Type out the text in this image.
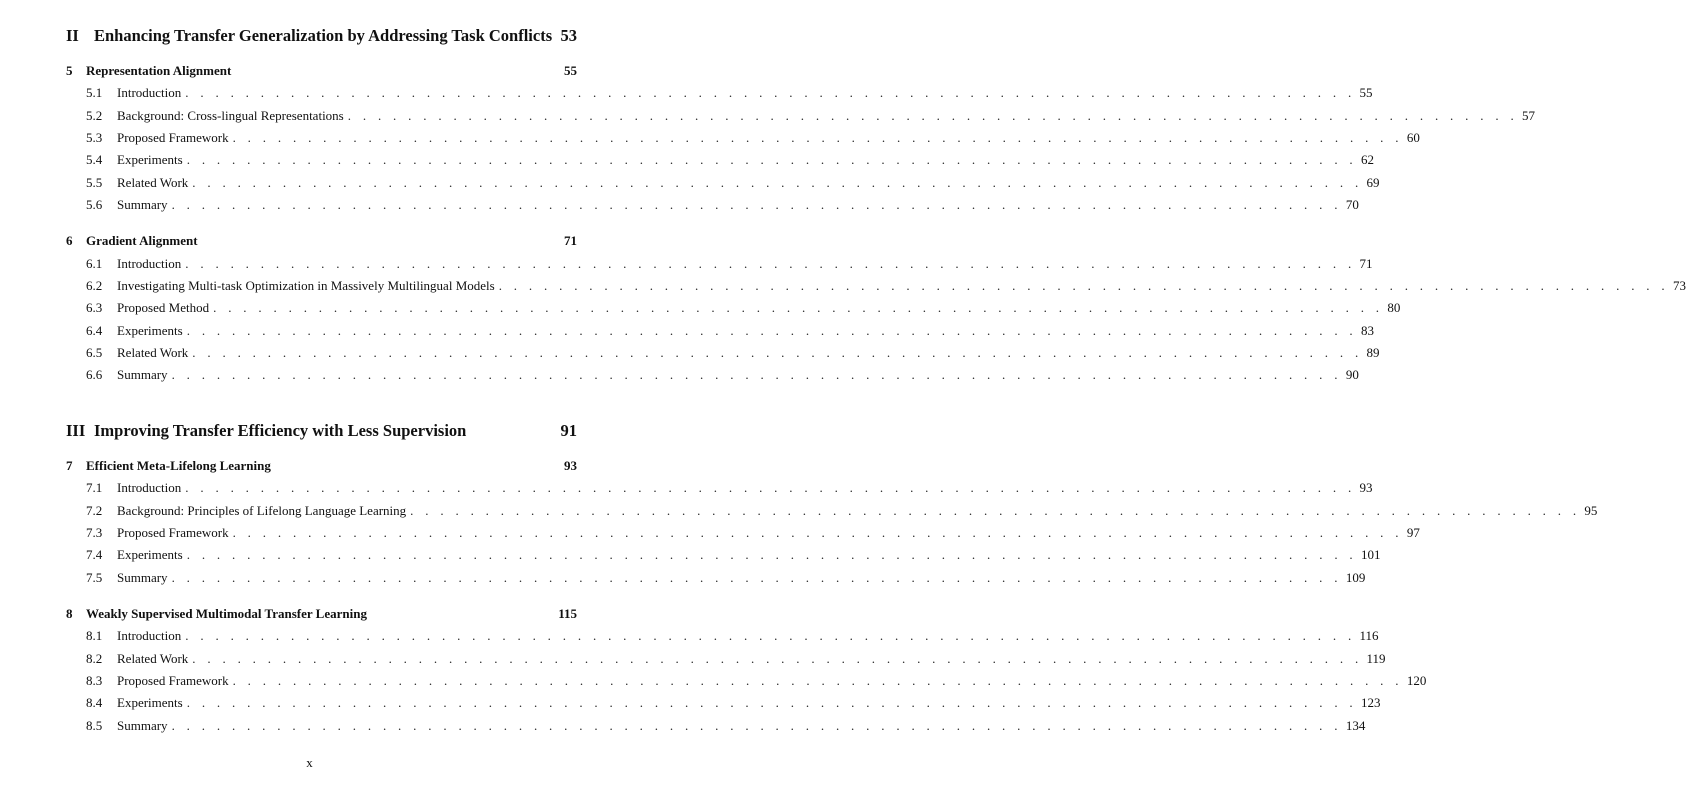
II Enhancing Transfer Generalization by Addressing Task Conflicts 53
5 Representation Alignment	55
5.1	Introduction . . . . . . . . . . . . . . . . . . . . . . . . . . . . . . . . . . . . . . . . . . . . . . . . . . . . . . . . . . . . . . . . . . . . . . . . . . . . . . 55
5.2	Background: Cross-lingual Representations . . . . . . . . . . . . . . . . . . . . . . . . . . . . . . . . . . . . . . . . . . . . . . . . . . . . . . . . . . . . . . . . . . . . . . . . . . . . . . 57
5.3	Proposed Framework . . . . . . . . . . . . . . . . . . . . . . . . . . . . . . . . . . . . . . . . . . . . . . . . . . . . . . . . . . . . . . . . . . . . . . . . . . . . . . 60
5.4	Experiments . . . . . . . . . . . . . . . . . . . . . . . . . . . . . . . . . . . . . . . . . . . . . . . . . . . . . . . . . . . . . . . . . . . . . . . . . . . . . . 62
5.5	Related Work . . . . . . . . . . . . . . . . . . . . . . . . . . . . . . . . . . . . . . . . . . . . . . . . . . . . . . . . . . . . . . . . . . . . . . . . . . . . . . 69
5.6	Summary . . . . . . . . . . . . . . . . . . . . . . . . . . . . . . . . . . . . . . . . . . . . . . . . . . . . . . . . . . . . . . . . . . . . . . . . . . . . . . 70
6 Gradient Alignment	71
6.1	Introduction . . . . . . . . . . . . . . . . . . . . . . . . . . . . . . . . . . . . . . . . . . . . . . . . . . . . . . . . . . . . . . . . . . . . . . . . . . . . . . 71
6.2	Investigating Multi-task Optimization in Massively Multilingual Models . . . . . . . . . . . . . . . . . . . . . . . . . . . . . . . . . . . . . . . . . . . . . . . . . . . . . . . . . . . . . . . . . . . . . . . . . . . . . . 73
6.3	Proposed Method . . . . . . . . . . . . . . . . . . . . . . . . . . . . . . . . . . . . . . . . . . . . . . . . . . . . . . . . . . . . . . . . . . . . . . . . . . . . . . 80
6.4	Experiments . . . . . . . . . . . . . . . . . . . . . . . . . . . . . . . . . . . . . . . . . . . . . . . . . . . . . . . . . . . . . . . . . . . . . . . . . . . . . . 83
6.5	Related Work . . . . . . . . . . . . . . . . . . . . . . . . . . . . . . . . . . . . . . . . . . . . . . . . . . . . . . . . . . . . . . . . . . . . . . . . . . . . . . 89
6.6	Summary . . . . . . . . . . . . . . . . . . . . . . . . . . . . . . . . . . . . . . . . . . . . . . . . . . . . . . . . . . . . . . . . . . . . . . . . . . . . . . 90
III Improving Transfer Efficiency with Less Supervision	91
7 Efficient Meta-Lifelong Learning	93
7.1	Introduction . . . . . . . . . . . . . . . . . . . . . . . . . . . . . . . . . . . . . . . . . . . . . . . . . . . . . . . . . . . . . . . . . . . . . . . . . . . . . . 93
7.2	Background: Principles of Lifelong Language Learning . . . . . . . . . . . . . . . . . . . . . . . . . . . . . . . . . . . . . . . . . . . . . . . . . . . . . . . . . . . . . . . . . . . . . . . . . . . . . . 95
7.3	Proposed Framework . . . . . . . . . . . . . . . . . . . . . . . . . . . . . . . . . . . . . . . . . . . . . . . . . . . . . . . . . . . . . . . . . . . . . . . . . . . . . . 97
7.4	Experiments . . . . . . . . . . . . . . . . . . . . . . . . . . . . . . . . . . . . . . . . . . . . . . . . . . . . . . . . . . . . . . . . . . . . . . . . . . . . . . 101
7.5	Summary . . . . . . . . . . . . . . . . . . . . . . . . . . . . . . . . . . . . . . . . . . . . . . . . . . . . . . . . . . . . . . . . . . . . . . . . . . . . . . 109
8 Weakly Supervised Multimodal Transfer Learning	115
8.1	Introduction . . . . . . . . . . . . . . . . . . . . . . . . . . . . . . . . . . . . . . . . . . . . . . . . . . . . . . . . . . . . . . . . . . . . . . . . . . . . . . 116
8.2	Related Work . . . . . . . . . . . . . . . . . . . . . . . . . . . . . . . . . . . . . . . . . . . . . . . . . . . . . . . . . . . . . . . . . . . . . . . . . . . . . . 119
8.3	Proposed Framework . . . . . . . . . . . . . . . . . . . . . . . . . . . . . . . . . . . . . . . . . . . . . . . . . . . . . . . . . . . . . . . . . . . . . . . . . . . . . . 120
8.4	Experiments . . . . . . . . . . . . . . . . . . . . . . . . . . . . . . . . . . . . . . . . . . . . . . . . . . . . . . . . . . . . . . . . . . . . . . . . . . . . . . 123
8.5	Summary . . . . . . . . . . . . . . . . . . . . . . . . . . . . . . . . . . . . . . . . . . . . . . . . . . . . . . . . . . . . . . . . . . . . . . . . . . . . . . 134
x
